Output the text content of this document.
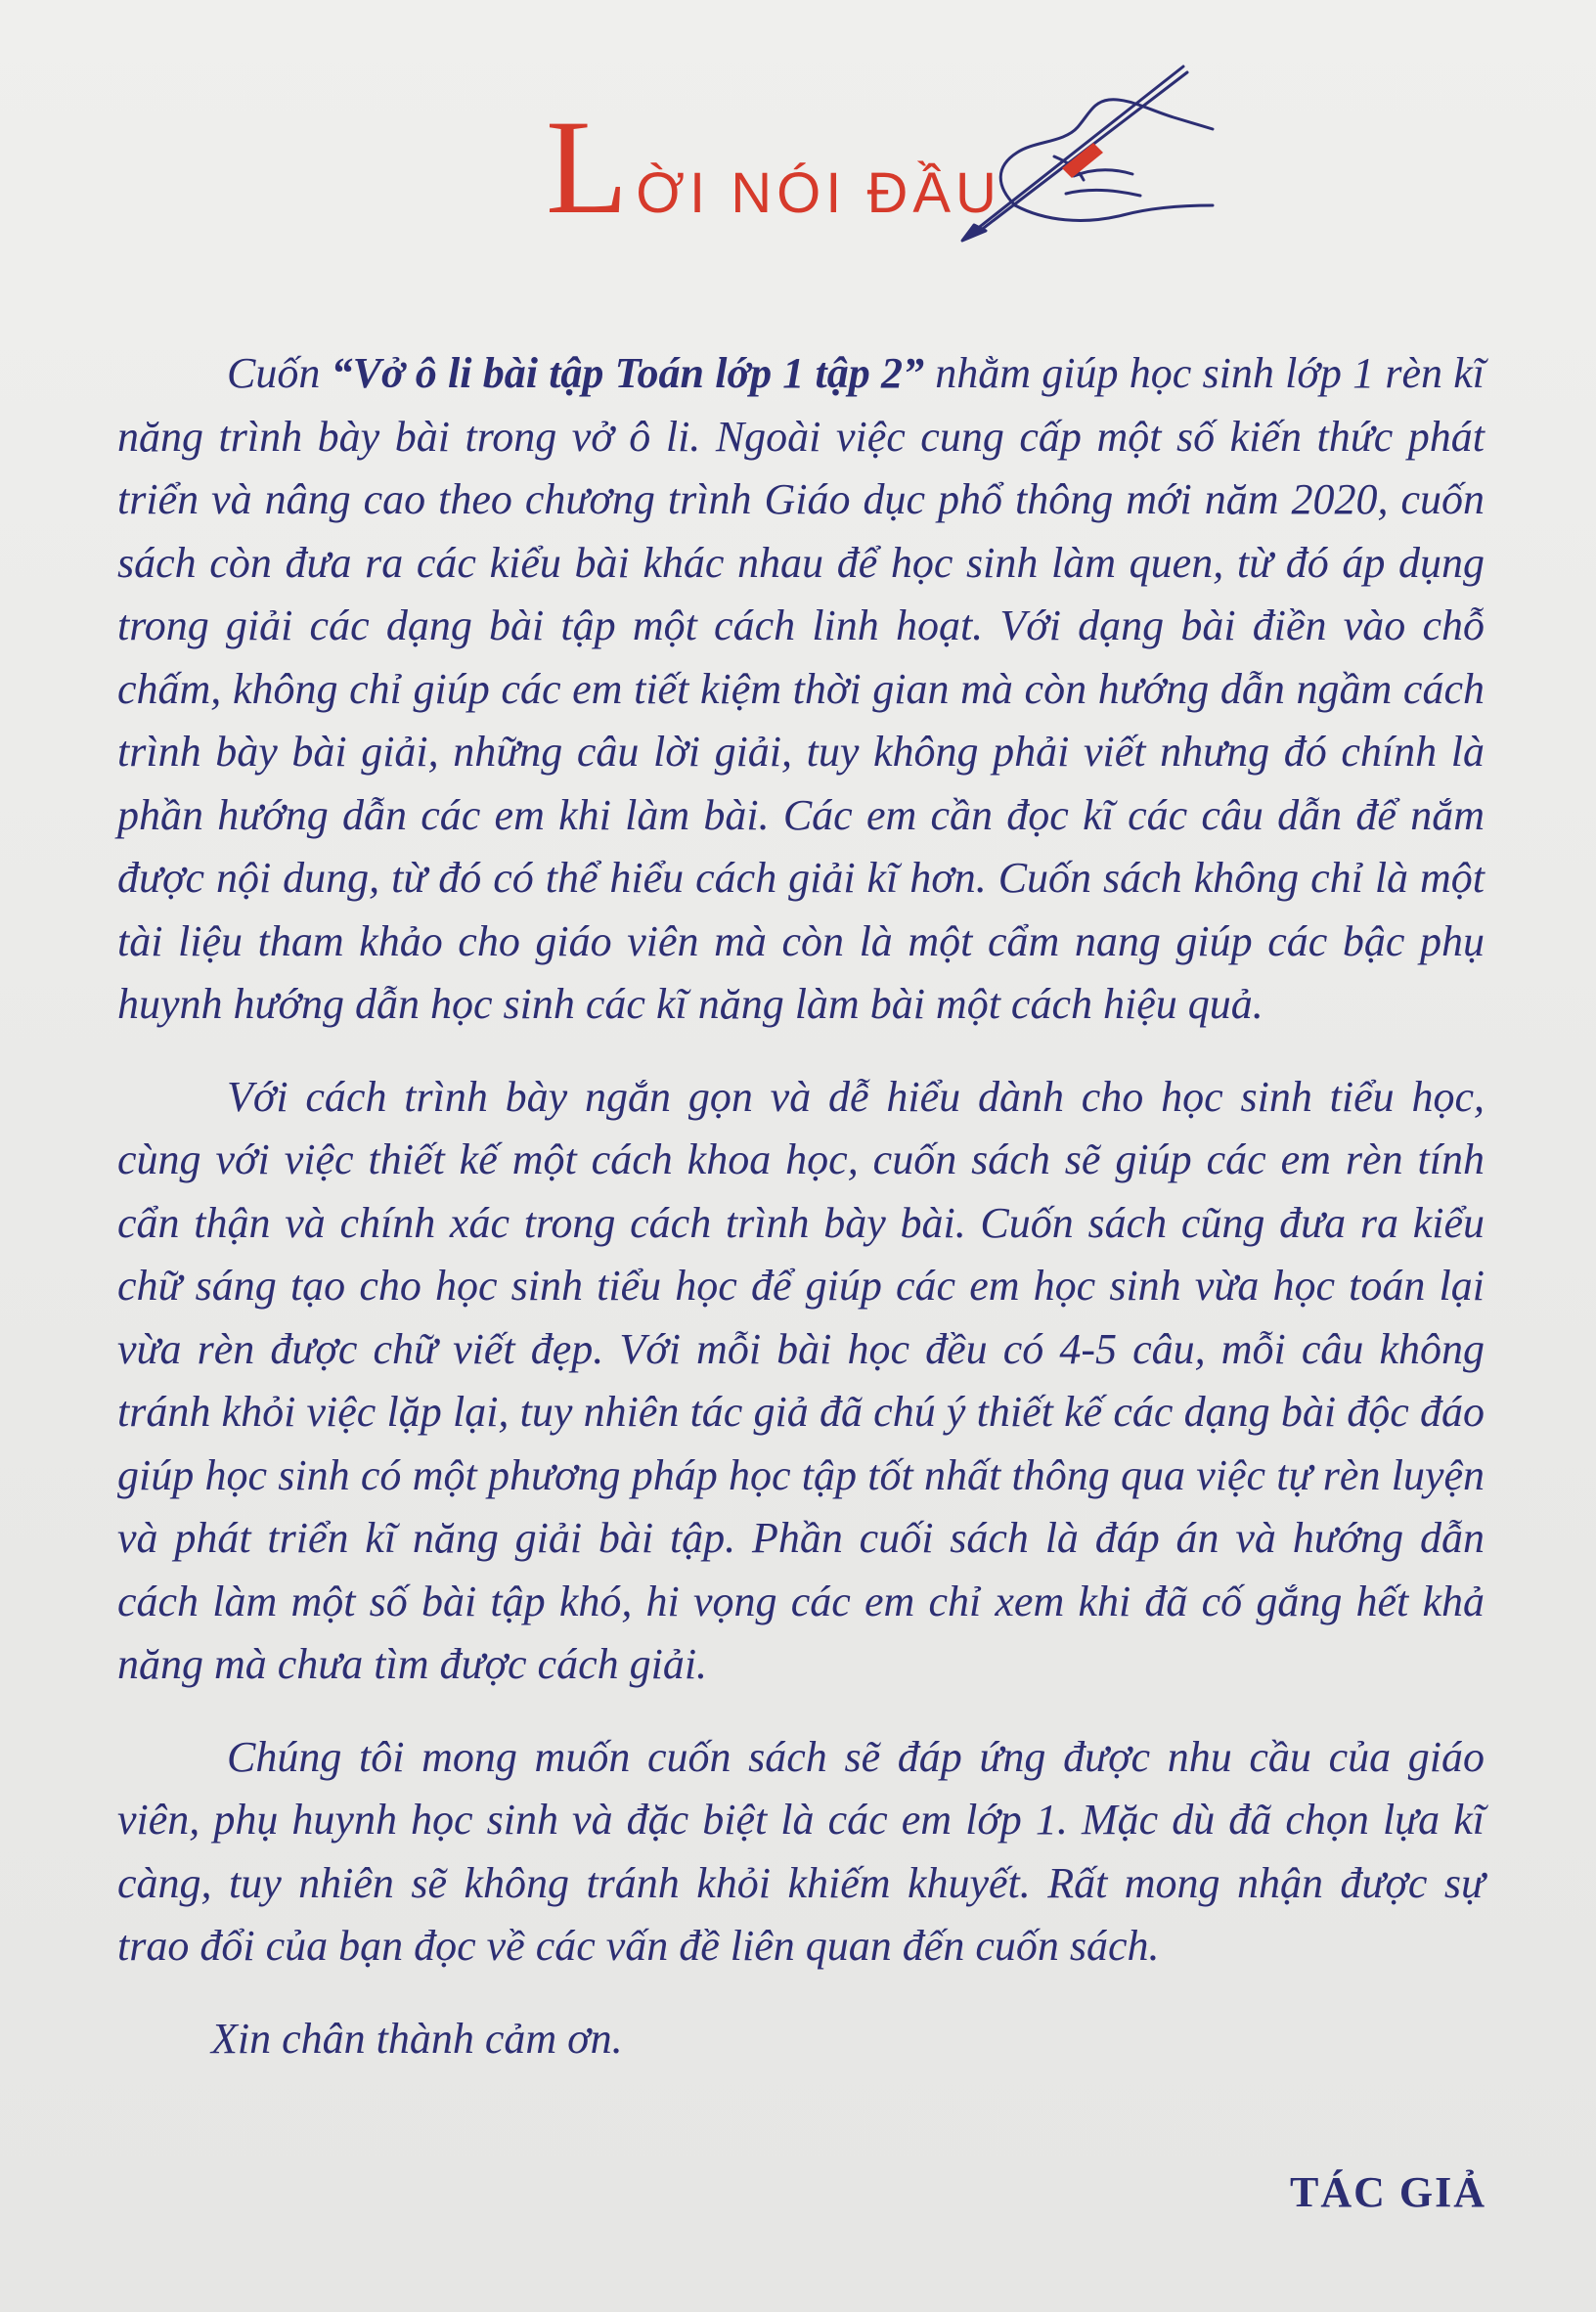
LỜI NÓI ĐẦU

Cuốn “Vở ô li bài tập Toán lớp 1 tập 2” nhằm giúp học sinh lớp 1 rèn kĩ năng trình bày bài trong vở ô li. Ngoài việc cung cấp một số kiến thức phát triển và nâng cao theo chương trình Giáo dục phổ thông mới năm 2020, cuốn sách còn đưa ra các kiểu bài khác nhau để học sinh làm quen, từ đó áp dụng trong giải các dạng bài tập một cách linh hoạt. Với dạng bài điền vào chỗ chấm, không chỉ giúp các em tiết kiệm thời gian mà còn hướng dẫn ngầm cách trình bày bài giải, những câu lời giải, tuy không phải viết nhưng đó chính là phần hướng dẫn các em khi làm bài. Các em cần đọc kĩ các câu dẫn để nắm được nội dung, từ đó có thể hiểu cách giải kĩ hơn. Cuốn sách không chỉ là một tài liệu tham khảo cho giáo viên mà còn là một cẩm nang giúp các bậc phụ huynh hướng dẫn học sinh các kĩ năng làm bài một cách hiệu quả.

Với cách trình bày ngắn gọn và dễ hiểu dành cho học sinh tiểu học, cùng với việc thiết kế một cách khoa học, cuốn sách sẽ giúp các em rèn tính cẩn thận và chính xác trong cách trình bày bài. Cuốn sách cũng đưa ra kiểu chữ sáng tạo cho học sinh tiểu học để giúp các em học sinh vừa học toán lại vừa rèn được chữ viết đẹp. Với mỗi bài học đều có 4-5 câu, mỗi câu không tránh khỏi việc lặp lại, tuy nhiên tác giả đã chú ý thiết kế các dạng bài độc đáo giúp học sinh có một phương pháp học tập tốt nhất thông qua việc tự rèn luyện và phát triển kĩ năng giải bài tập. Phần cuối sách là đáp án và hướng dẫn cách làm một số bài tập khó, hi vọng các em chỉ xem khi đã cố gắng hết khả năng mà chưa tìm được cách giải.

Chúng tôi mong muốn cuốn sách sẽ đáp ứng được nhu cầu của giáo viên, phụ huynh học sinh và đặc biệt là các em lớp 1. Mặc dù đã chọn lựa kĩ càng, tuy nhiên sẽ không tránh khỏi khiếm khuyết. Rất mong nhận được sự trao đổi của bạn đọc về các vấn đề liên quan đến cuốn sách.

Xin chân thành cảm ơn.

TÁC GIẢ
